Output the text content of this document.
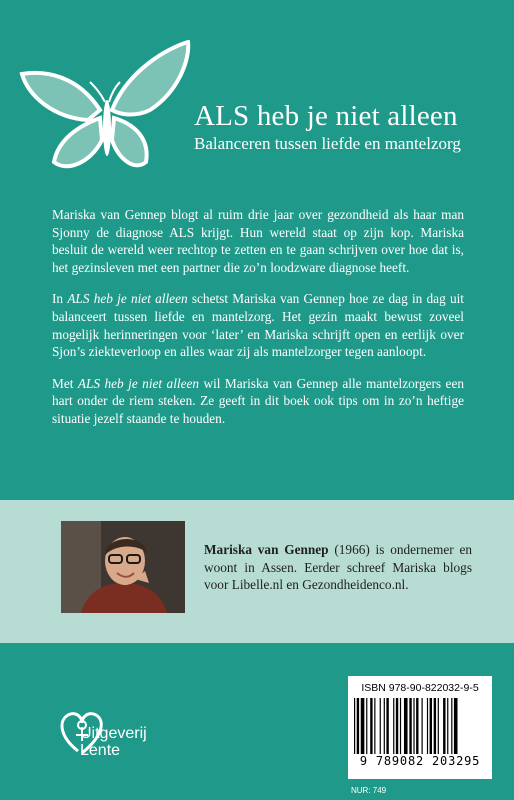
ALS heb je niet alleen
Balanceren tussen liefde en mantelzorg

Mariska van Gennep blogt al ruim drie jaar over gezondheid als haar man Sjonny de diagnose ALS krijgt. Hun wereld staat op zijn kop. Mariska besluit de wereld weer rechtop te zetten en te gaan schrijven over hoe dat is, het gezinsleven met een partner die zo’n loodzware diagnose heeft.

In ALS heb je niet alleen schetst Mariska van Gennep hoe ze dag in dag uit balanceert tussen liefde en mantelzorg. Het gezin maakt bewust zoveel mogelijk herinneringen voor ‘later’ en Mariska schrijft open en eerlijk over Sjon’s ziekteverloop en alles waar zij als mantelzorger tegen aanloopt.

Met ALS heb je niet alleen wil Mariska van Gennep alle mantelzorgers een hart onder de riem steken. Ze geeft in dit boek ook tips om in zo’n heftige situatie jezelf staande te houden.

Mariska van Gennep (1966) is ondernemer en woont in Assen. Eerder schreef Mariska blogs voor Libelle.nl en Gezondheidenco.nl.
Uitgeverij
Lente
ISBN 978-90-822032-9-5
9 789082 203295
NUR: 749
